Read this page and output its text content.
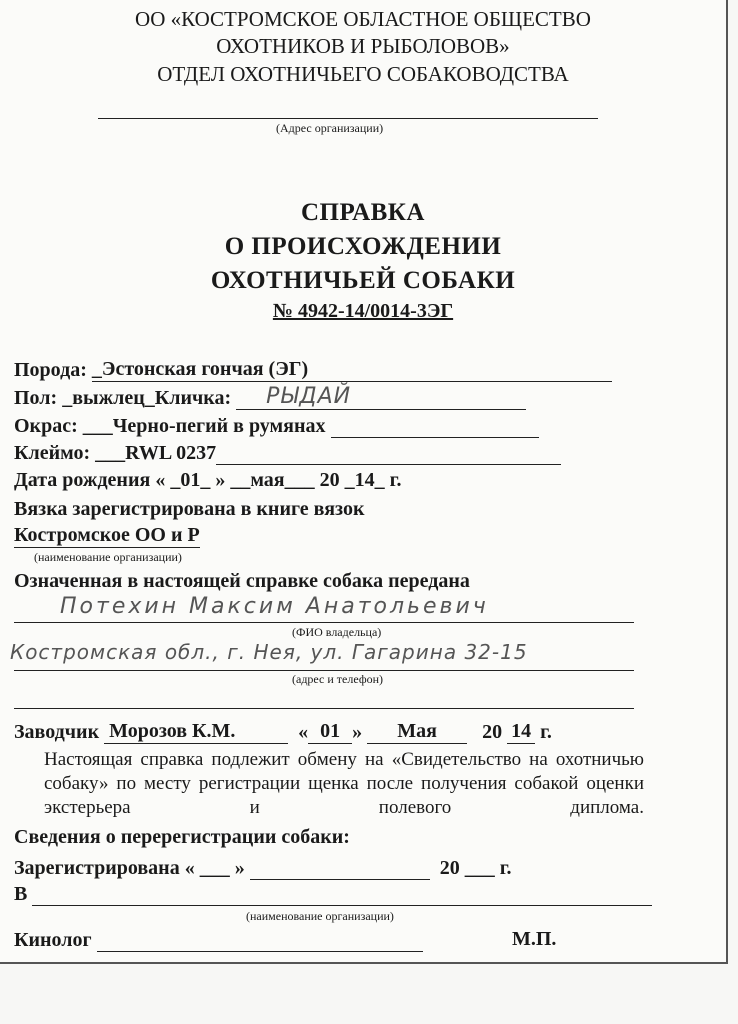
ОО «КОСТРОМСКОЕ ОБЛАСТНОЕ ОБЩЕСТВО
ОХОТНИКОВ И РЫБОЛОВОВ»
ОТДЕЛ ОХОТНИЧЬЕГО СОБАКОВОДСТВА
(Адрес организации)
СПРАВКА
О ПРОИСХОЖДЕНИИ
ОХОТНИЧЬЕЙ СОБАКИ
№ 4942-14/0014-3ЭГ
Порода: _Эстонская гончая (ЭГ)
Пол: _выжлец_Кличка: РЫДАЙ
Окрас: ___Черно-пегий в румянах
Клеймо: ___RWL 0237
Дата рождения « _01_ » __мая___ 20 _14_ г.
Вязка зарегистрирована в книге вязок
Костромское ОО и Р
(наименование организации)
Означенная в настоящей справке собака передана
Потехин Максим Анатольевич
(ФИО владельца)
Костромская обл., г. Нея, ул. Гагарина 32-15
(адрес и телефон)
Заводчик Морозов К.М.	« 01 » Мая 20 14 г.
Настоящая справка подлежит обмену на «Свидетельство на охотничью собаку» по месту регистрации щенка после получения собакой оценки экстерьера и полевого диплома.
Сведения о перерегистрации собаки:
Зарегистрирована « ___ »	20 ___ г.
В
(наименование организации)
Кинолог	М.П.
